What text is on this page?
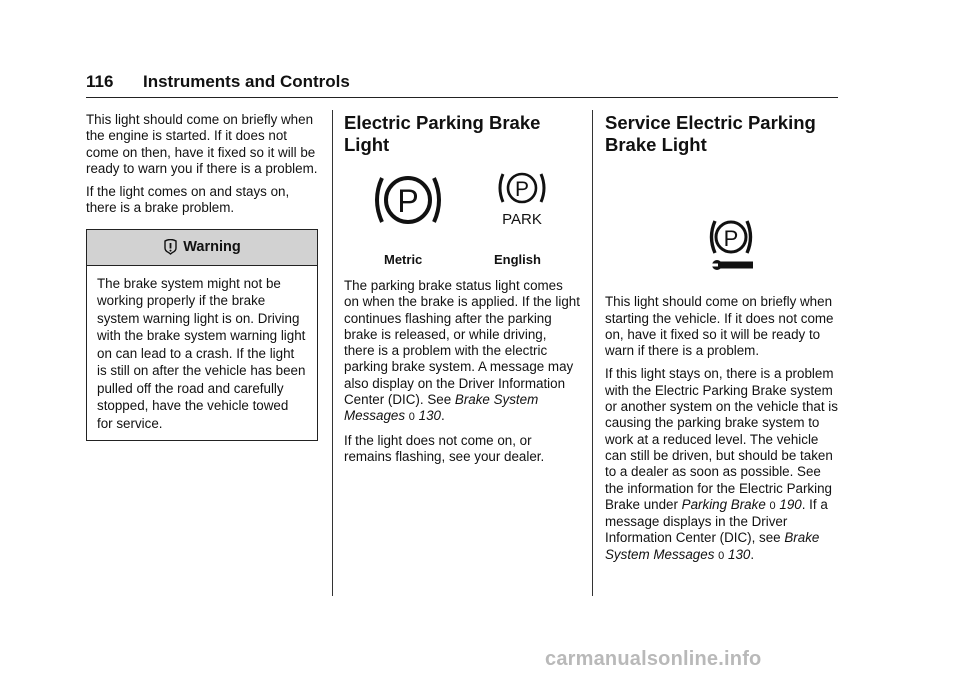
116 Instruments and Controls

This light should come on briefly when the engine is started. If it does not come on then, have it fixed so it will be ready to warn you if there is a problem.

If the light comes on and stays on, there is a brake problem.

Warning
The brake system might not be working properly if the brake system warning light is on. Driving with the brake system warning light on can lead to a crash. If the light is still on after the vehicle has been pulled off the road and carefully stopped, have the vehicle towed for service.
Electric Parking Brake Light
P	P
PARK
Metric	English

The parking brake status light comes on when the brake is applied. If the light continues flashing after the parking brake is released, or while driving, there is a problem with the electric parking brake system. A message may also display on the Driver Information Center (DIC). See Brake System Messages 0 130.

If the light does not come on, or remains flashing, see your dealer.

Service Electric Parking Brake Light
P

This light should come on briefly when starting the vehicle. If it does not come on, have it fixed so it will be ready to warn if there is a problem.

If this light stays on, there is a problem with the Electric Parking Brake system or another system on the vehicle that is causing the parking brake system to work at a reduced level. The vehicle can still be driven, but should be taken to a dealer as soon as possible. See the information for the Electric Parking Brake under Parking Brake 0 190. If a message displays in the Driver Information Center (DIC), see Brake System Messages 0 130.

carmanualsonline.info
